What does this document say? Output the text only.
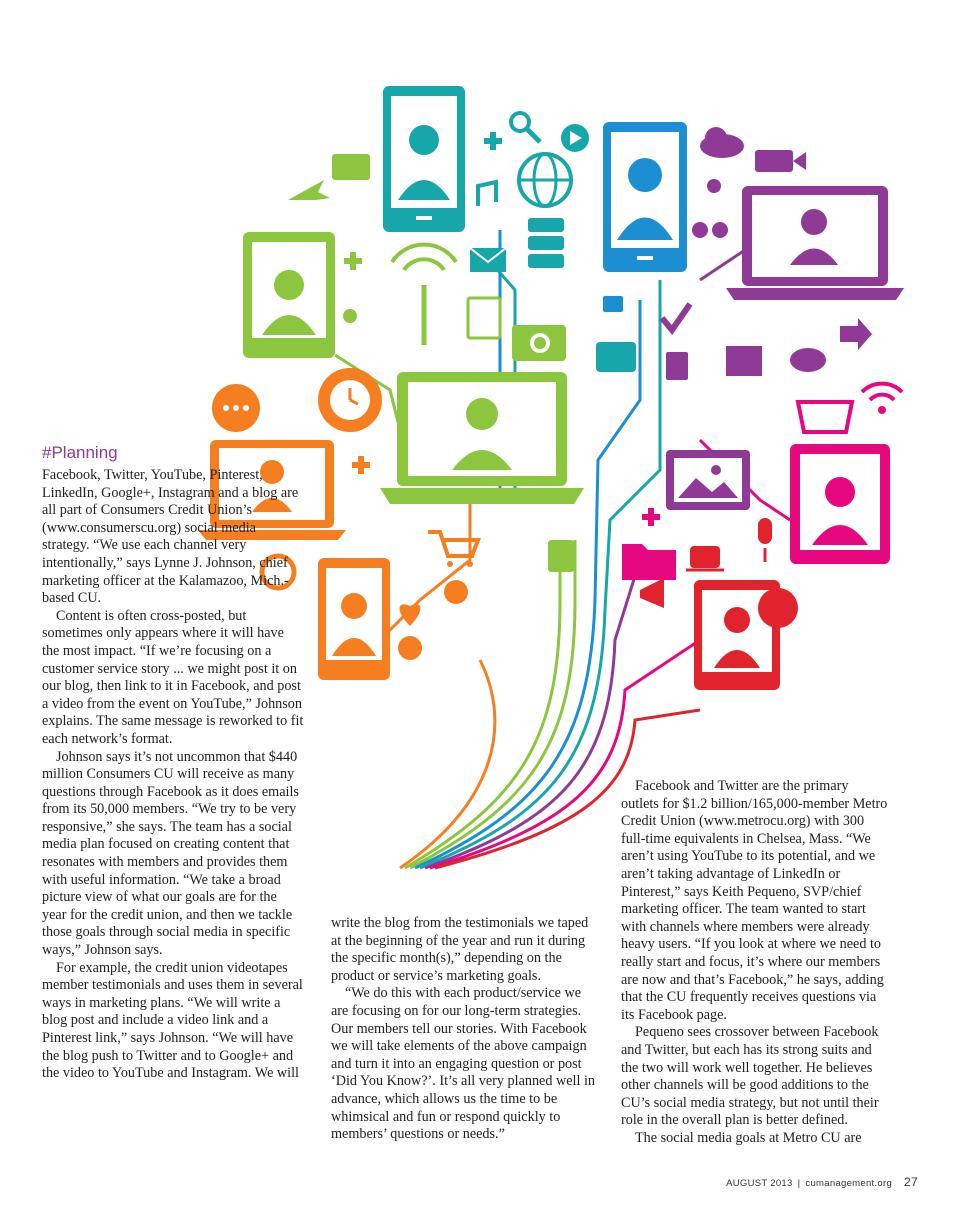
#Planning

Facebook, Twitter, YouTube, Pinterest, LinkedIn, Google+, Instagram and a blog are all part of Consumers Credit Union’s (www.consumerscu.org) social media strategy. “We use each channel very intentionally,” says Lynne J. Johnson, chief marketing officer at the Kalamazoo, Mich.-based CU.

Content is often cross-posted, but sometimes only appears where it will have the most impact. “If we’re focusing on a customer service story ... we might post it on our blog, then link to it in Facebook, and post a video from the event on YouTube,” Johnson explains. The same message is reworked to fit each network’s format.

Johnson says it’s not uncommon that $440 million Consumers CU will receive as many questions through Facebook as it does emails from its 50,000 members. “We try to be very responsive,” she says. The team has a social media plan focused on creating content that resonates with members and provides them with useful information. “We take a broad picture view of what our goals are for the year for the credit union, and then we tackle those goals through social media in specific ways,” Johnson says.

For example, the credit union videotapes member testimonials and uses them in several ways in marketing plans. “We will write a blog post and include a video link and a Pinterest link,” says Johnson. “We will have the blog push to Twitter and to Google+ and the video to YouTube and Instagram. We will

write the blog from the testimonials we taped at the beginning of the year and run it during the specific month(s),” depending on the product or service’s marketing goals.

“We do this with each product/service we are focusing on for our long-term strategies. Our members tell our stories. With Facebook we will take elements of the above campaign and turn it into an engaging question or post ‘Did You Know?’. It’s all very planned well in advance, which allows us the time to be whimsical and fun or respond quickly to members’ questions or needs.”

Facebook and Twitter are the primary outlets for $1.2 billion/165,000-member Metro Credit Union (www.metrocu.org) with 300 full-time equivalents in Chelsea, Mass. “We aren’t using YouTube to its potential, and we aren’t taking advantage of LinkedIn or Pinterest,” says Keith Pequeno, SVP/chief marketing officer. The team wanted to start with channels where members were already heavy users. “If you look at where we need to really start and focus, it’s where our members are now and that’s Facebook,” he says, adding that the CU frequently receives questions via its Facebook page.

Pequeno sees crossover between Facebook and Twitter, but each has its strong suits and the two will work well together. He believes other channels will be good additions to the CU’s social media strategy, but not until their role in the overall plan is better defined.

The social media goals at Metro CU are

AUGUST 2013 | cumanagement.org 27
